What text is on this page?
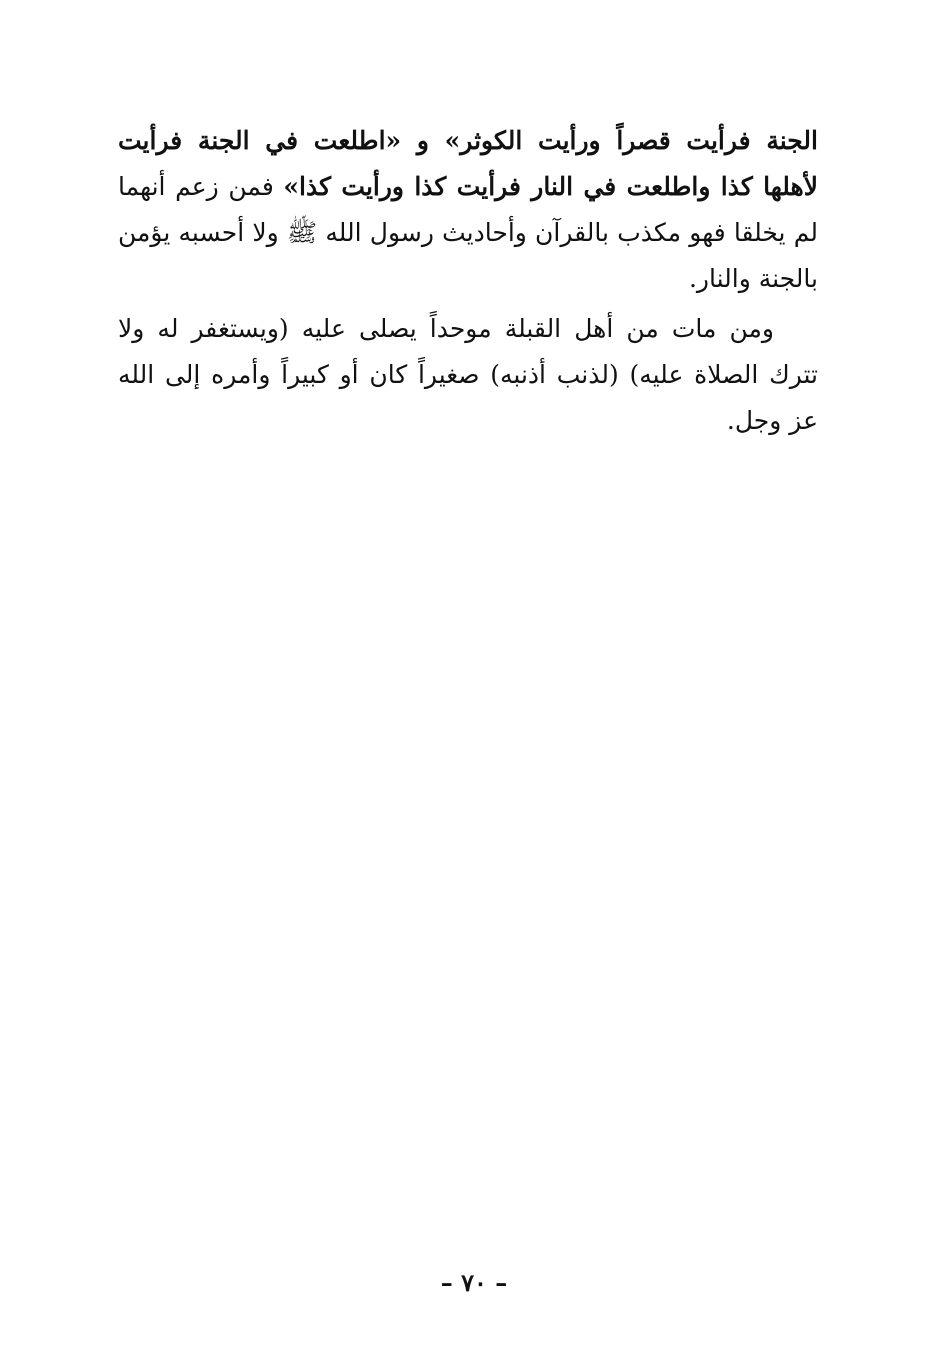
الجنة فرأيت قصراً ورأيت الكوثر» و «اطلعت في الجنة فرأيت لأهلها كذا واطلعت في النار فرأيت كذا ورأيت كذا» فمن زعم أنهما لم يخلقا فهو مكذب بالقرآن وأحاديث رسول الله ﷺ ولا أحسبه يؤمن بالجنة والنار.

ومن مات من أهل القبلة موحداً يصلى عليه (ويستغفر له ولا تترك الصلاة عليه) (لذنب أذنبه) صغيراً كان أو كبيراً وأمره إلى الله عز وجل.

– ٧٠ –
